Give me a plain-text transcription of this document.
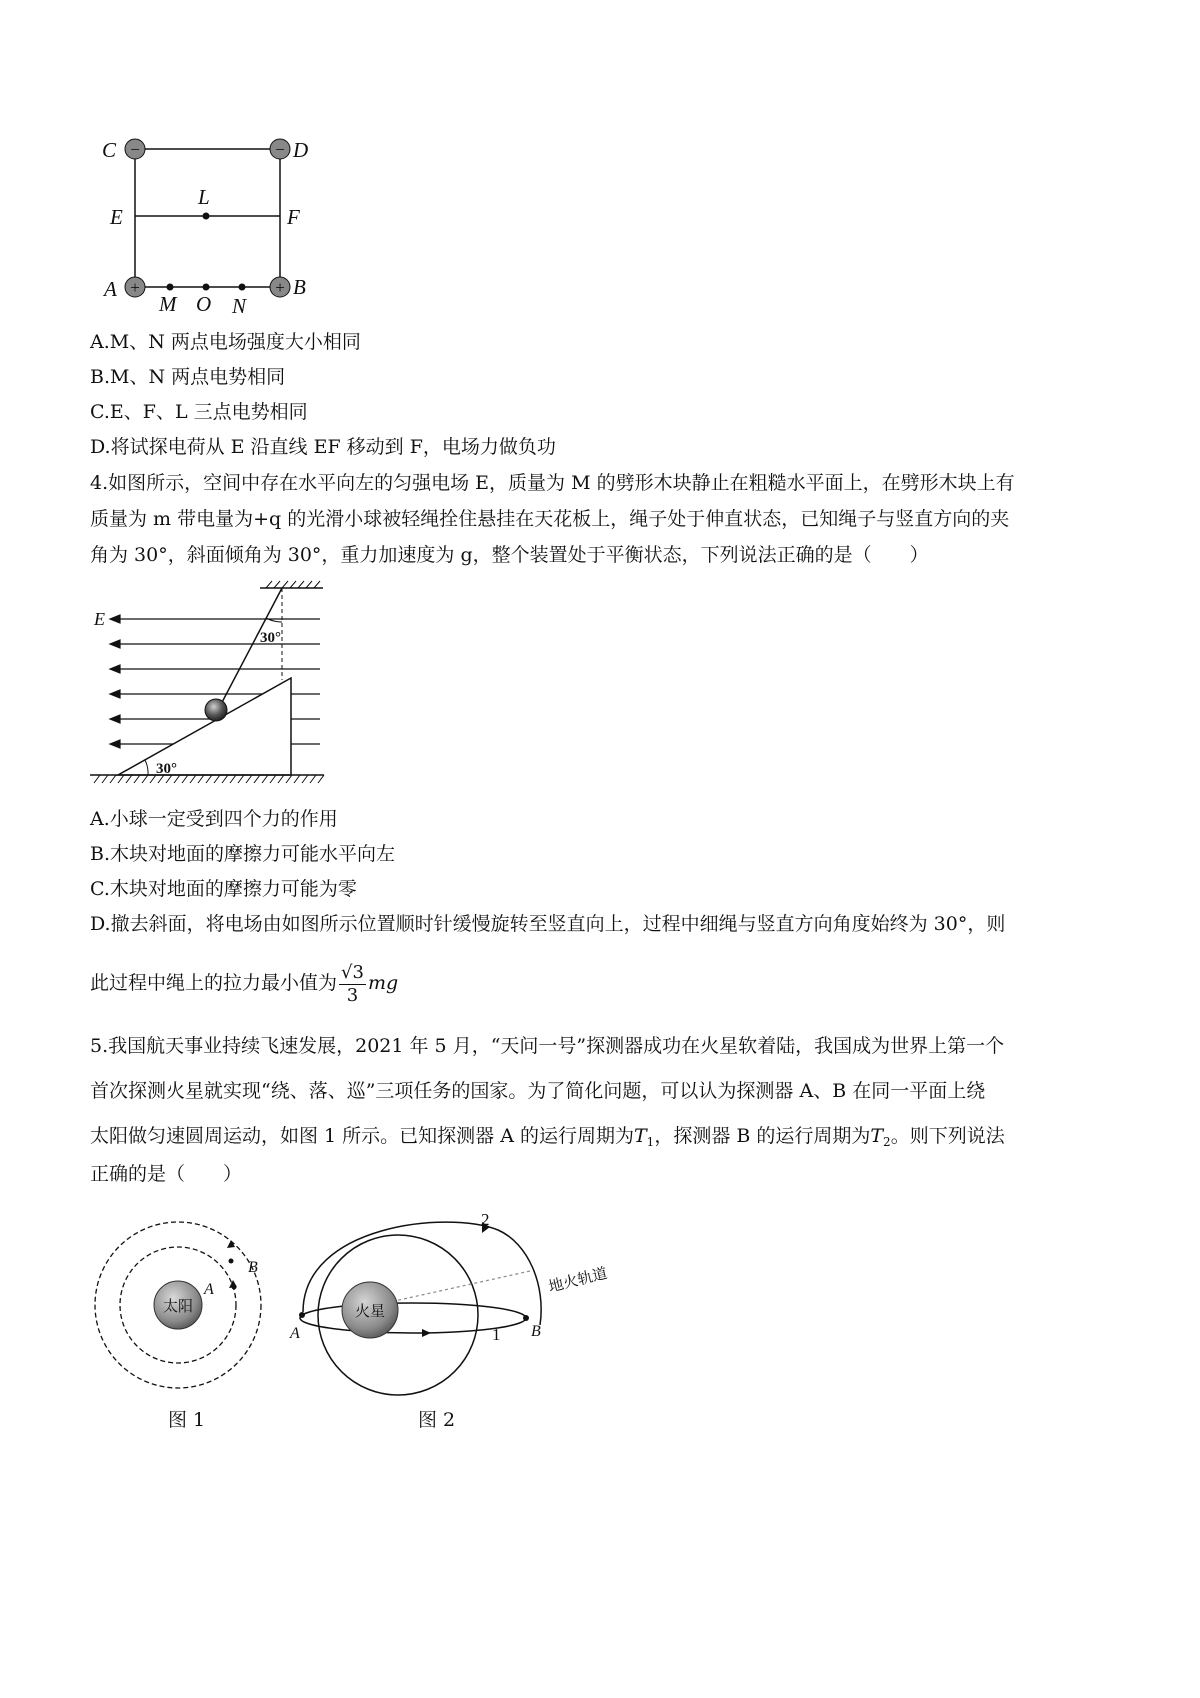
−	−
+	+
C	D
E	F
L
A	B
M O N
A.M、N 两点电场强度大小相同
B.M、N 两点电势相同
C.E、F、L 三点电势相同
D.将试探电荷从 E 沿直线 EF 移动到 F，电场力做负功
4.如图所示，空间中存在水平向左的匀强电场 E，质量为 M 的劈形木块静止在粗糙水平面上，在劈形木块上有
质量为 m 带电量为+q 的光滑小球被轻绳拴住悬挂在天花板上，绳子处于伸直状态，已知绳子与竖直方向的夹
角为 30°，斜面倾角为 30°，重力加速度为 g，整个装置处于平衡状态，下列说法正确的是（　　）
30°
E
30°
A.小球一定受到四个力的作用
B.木块对地面的摩擦力可能水平向左
C.木块对地面的摩擦力可能为零
D.撤去斜面，将电场由如图所示位置顺时针缓慢旋转至竖直向上，过程中细绳与竖直方向角度始终为 30°，则
此过程中绳上的拉力最小值为 $\frac{√3}{3}$ mg
5.我国航天事业持续飞速发展，2021 年 5 月，“天问一号”探测器成功在火星软着陆，我国成为世界上第一个
首次探测火星就实现“绕、落、巡”三项任务的国家。为了简化问题，可以认为探测器 A、B 在同一平面上绕
太阳做匀速圆周运动，如图 1 所示。已知探测器 A 的运行周期为$T_1$，探测器 B 的运行周期为$T_2$。则下列说法
正确的是（　　）
太阳
A
B
图 1
2
地火轨道
火星
A	B
1
图 2
